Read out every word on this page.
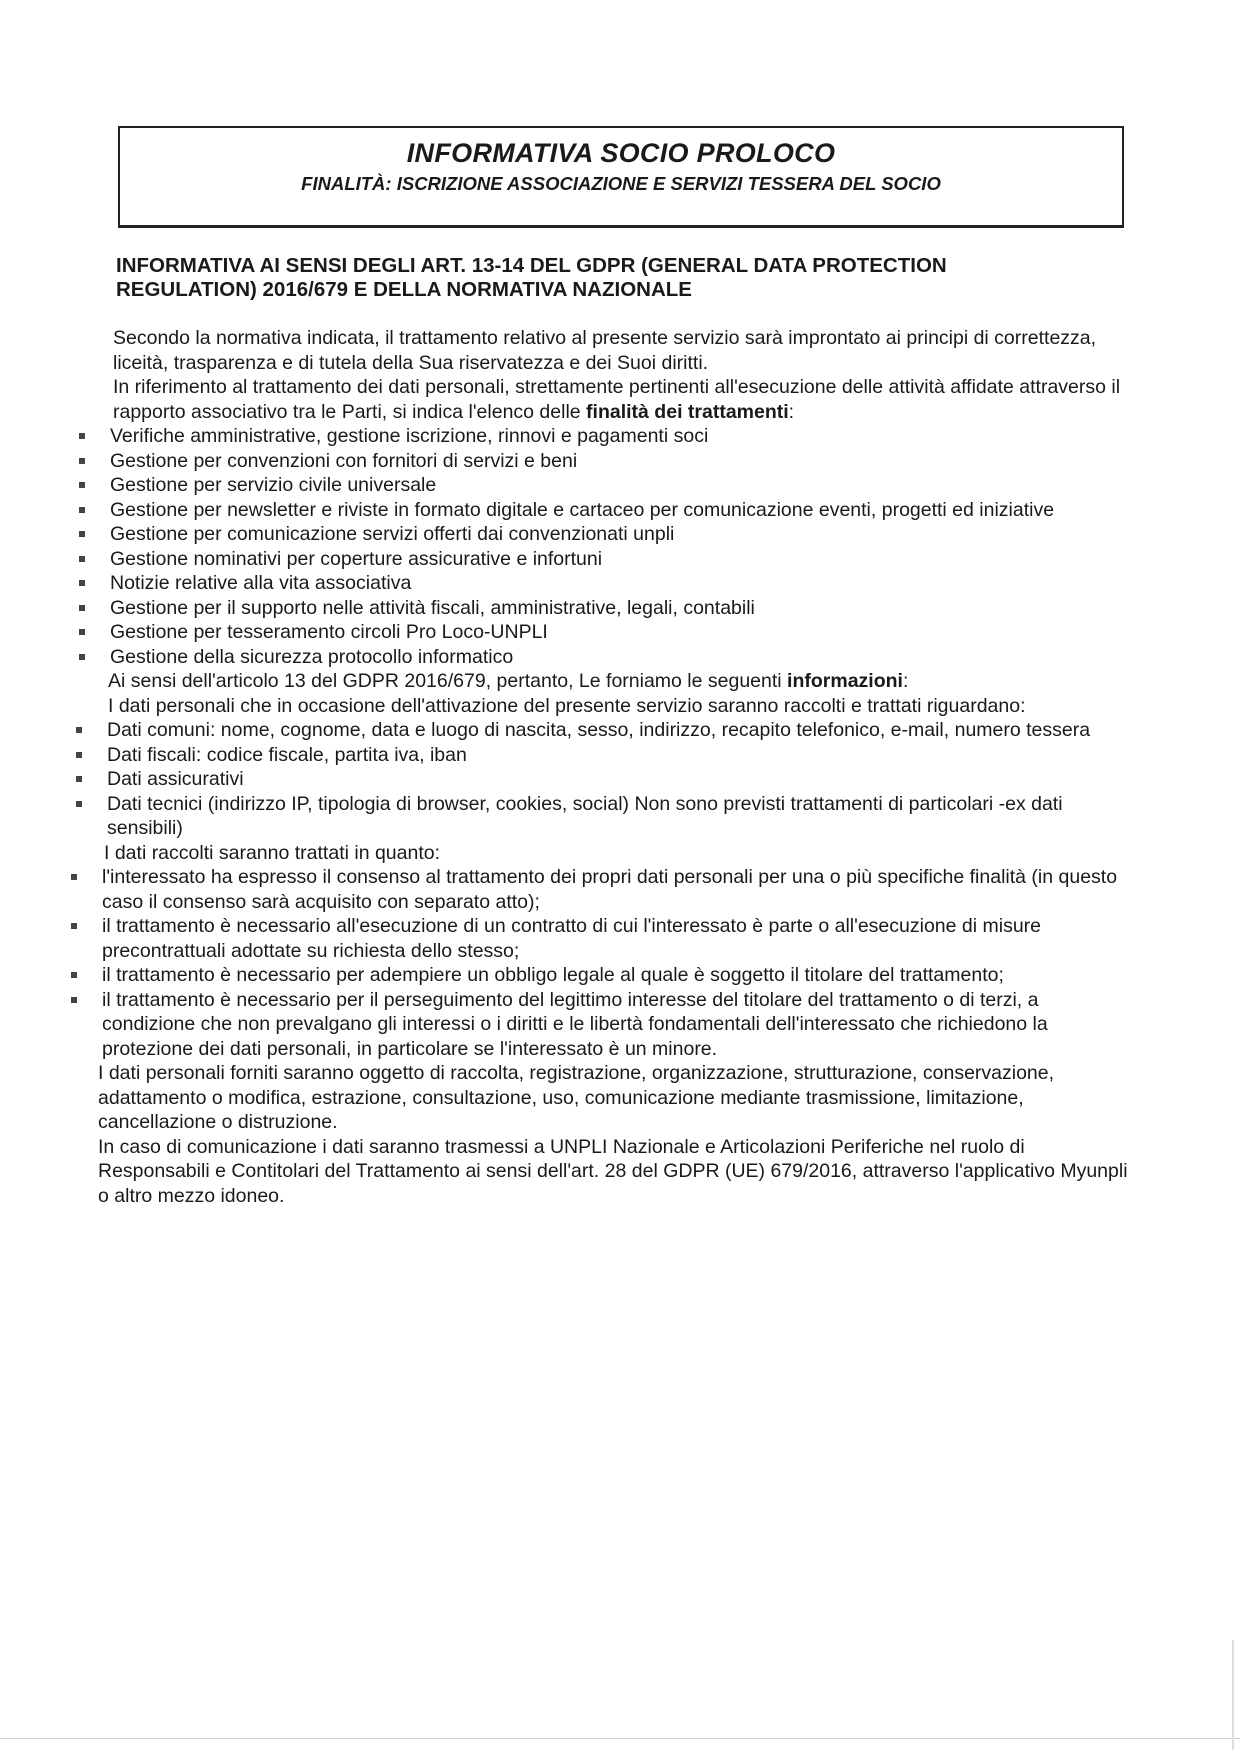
INFORMATIVA SOCIO PROLOCO
FINALITÀ: ISCRIZIONE ASSOCIAZIONE E SERVIZI TESSERA DEL SOCIO
INFORMATIVA AI SENSI DEGLI ART. 13-14 DEL GDPR (GENERAL DATA PROTECTION REGULATION) 2016/679 E DELLA NORMATIVA NAZIONALE
Secondo la normativa indicata, il trattamento relativo al presente servizio sarà improntato ai principi di correttezza, liceità, trasparenza e di tutela della Sua riservatezza e dei Suoi diritti.
In riferimento al trattamento dei dati personali, strettamente pertinenti all'esecuzione delle attività affidate attraverso il rapporto associativo tra le Parti, si indica l'elenco delle finalità dei trattamenti:
Verifiche amministrative, gestione iscrizione, rinnovi e pagamenti soci
Gestione per convenzioni con fornitori di servizi e beni
Gestione per servizio civile universale
Gestione per newsletter e riviste in formato digitale e cartaceo per comunicazione eventi, progetti ed iniziative
Gestione per comunicazione servizi offerti dai convenzionati unpli
Gestione nominativi per coperture assicurative e infortuni
Notizie relative alla vita associativa
Gestione per il supporto nelle attività fiscali, amministrative, legali, contabili
Gestione per tesseramento circoli Pro Loco-UNPLI
Gestione della sicurezza protocollo informatico
Ai sensi dell'articolo 13 del GDPR 2016/679, pertanto, Le forniamo le seguenti informazioni:
I dati personali che in occasione dell'attivazione del presente servizio saranno raccolti e trattati riguardano:
Dati comuni: nome, cognome, data e luogo di nascita, sesso, indirizzo, recapito telefonico, e-mail, numero tessera
Dati fiscali: codice fiscale, partita iva, iban
Dati assicurativi
Dati tecnici (indirizzo IP, tipologia di browser, cookies, social) Non sono previsti trattamenti di particolari -ex dati sensibili)
I dati raccolti saranno trattati in quanto:
l'interessato ha espresso il consenso al trattamento dei propri dati personali per una o più specifiche finalità (in questo caso il consenso sarà acquisito con separato atto);
il trattamento è necessario all'esecuzione di un contratto di cui l'interessato è parte o all'esecuzione di misure precontrattuali adottate su richiesta dello stesso;
il trattamento è necessario per adempiere un obbligo legale al quale è soggetto il titolare del trattamento;
il trattamento è necessario per il perseguimento del legittimo interesse del titolare del trattamento o di terzi, a condizione che non prevalgano gli interessi o i diritti e le libertà fondamentali dell'interessato che richiedono la protezione dei dati personali, in particolare se l'interessato è un minore.
I dati personali forniti saranno oggetto di raccolta, registrazione, organizzazione, strutturazione, conservazione, adattamento o modifica, estrazione, consultazione, uso, comunicazione mediante trasmissione, limitazione, cancellazione o distruzione.
In caso di comunicazione i dati saranno trasmessi a UNPLI Nazionale e Articolazioni Periferiche nel ruolo di Responsabili e Contitolari del Trattamento ai sensi dell'art. 28 del GDPR (UE) 679/2016, attraverso l'applicativo Myunpli o altro mezzo idoneo.
